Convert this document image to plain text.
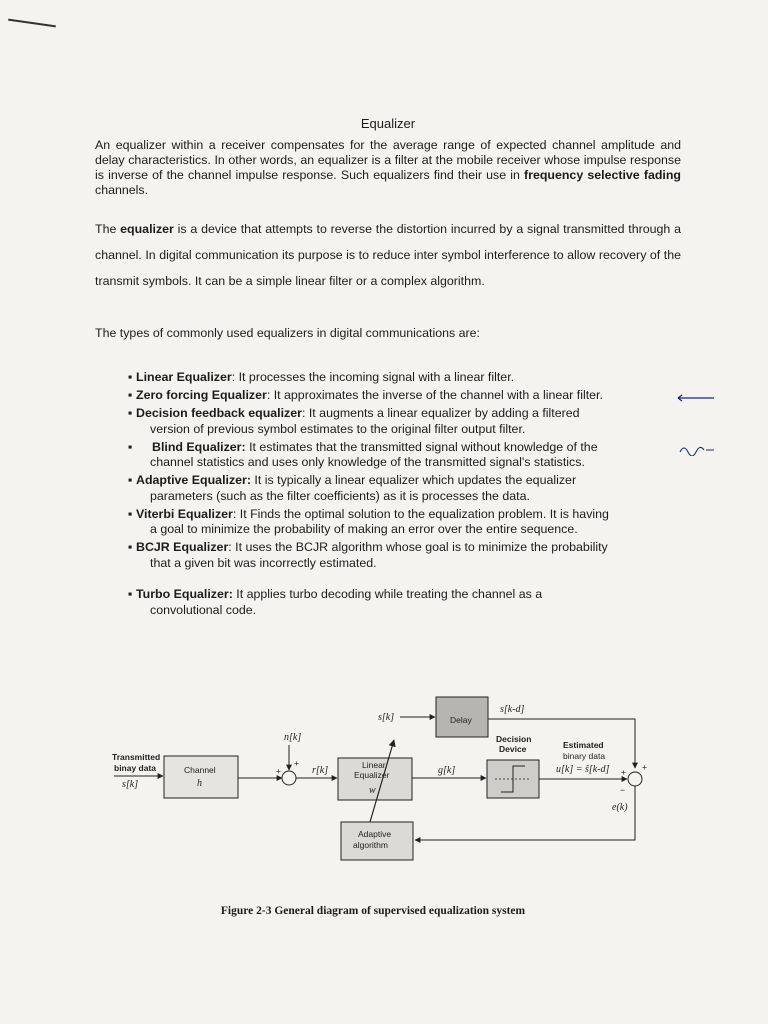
Equalizer
An equalizer within a receiver compensates for the average range of expected channel amplitude and delay characteristics. In other words, an equalizer is a filter at the mobile receiver whose impulse response is inverse of the channel impulse response. Such equalizers find their use in frequency selective fading channels.
The equalizer is a device that attempts to reverse the distortion incurred by a signal transmitted through a channel. In digital communication its purpose is to reduce inter symbol interference to allow recovery of the transmit symbols. It can be a simple linear filter or a complex algorithm.
The types of commonly used equalizers in digital communications are:
▪ Linear Equalizer: It processes the incoming signal with a linear filter.
▪ Zero forcing Equalizer: It approximates the inverse of the channel with a linear filter.
▪ Decision feedback equalizer: It augments a linear equalizer by adding a filtered
version of previous symbol estimates to the original filter output filter.
▪ Blind Equalizer: It estimates that the transmitted signal without knowledge of the
channel statistics and uses only knowledge of the transmitted signal's statistics.
▪ Adaptive Equalizer: It is typically a linear equalizer which updates the equalizer
parameters (such as the filter coefficients) as it is processes the data.
▪ Viterbi Equalizer: It Finds the optimal solution to the equalization problem. It is having
a goal to minimize the probability of making an error over the entire sequence.
▪ BCJR Equalizer: It uses the BCJR algorithm whose goal is to minimize the probability
that a given bit was incorrectly estimated.
▪ Turbo Equalizer: It applies turbo decoding while treating the channel as a
convolutional code.
Transmitted
binay data
s[k]
Channel
h
n[k]
+
+
r[k]	Linear
Equalizer
w
s[k]	Delay
s[k-d]
g[k]
Decision
Device	Estimated
binary data
u[k] = ŝ[k-d]	+
+
−
e(k)
Adaptive
algorithm
Figure 2-3 General diagram of supervised equalization system
